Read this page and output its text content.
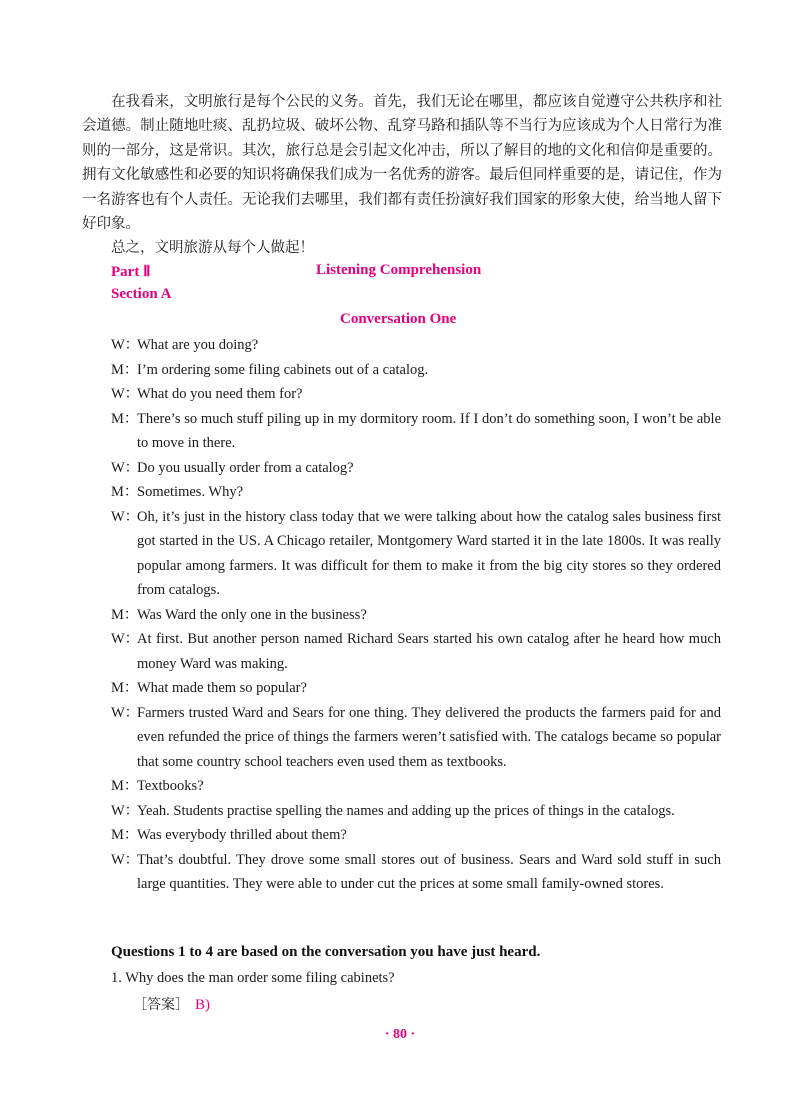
在我看来，文明旅行是每个公民的义务。首先，我们无论在哪里，都应该自觉遵守公共秩序和社会道德。制止随地吐痰、乱扔垃圾、破坏公物、乱穿马路和插队等不当行为应该成为个人日常行为准则的一部分，这是常识。其次，旅行总是会引起文化冲击，所以了解目的地的文化和信仰是重要的。拥有文化敏感性和必要的知识将确保我们成为一名优秀的游客。最后但同样重要的是，请记住，作为一名游客也有个人责任。无论我们去哪里，我们都有责任扮演好我们国家的形象大使，给当地人留下好印象。

总之，文明旅游从每个人做起！

Part Ⅱ	Listening Comprehension
Section A
Conversation One
W：What are you doing?
M：I’m ordering some filing cabinets out of a catalog.
W：What do you need them for?
M：There’s so much stuff piling up in my dormitory room. If I don’t do something soon, I won’t be able to move in there.
W：Do you usually order from a catalog?
M：Sometimes. Why?
W：Oh, it’s just in the history class today that we were talking about how the catalog sales business first got started in the US. A Chicago retailer, Montgomery Ward started it in the late 1800s. It was really popular among farmers. It was difficult for them to make it from the big city stores so they ordered from catalogs.
M：Was Ward the only one in the business?
W：At first. But another person named Richard Sears started his own catalog after he heard how much money Ward was making.
M：What made them so popular?
W：Farmers trusted Ward and Sears for one thing. They delivered the products the farmers paid for and even refunded the price of things the farmers weren’t satisfied with. The catalogs became so popular that some country school teachers even used them as textbooks.
M：Textbooks?
W：Yeah. Students practise spelling the names and adding up the prices of things in the catalogs.
M：Was everybody thrilled about them?
W：That’s doubtful. They drove some small stores out of business. Sears and Ward sold stuff in such large quantities. They were able to under cut the prices at some small family-owned stores.
Questions 1 to 4 are based on the conversation you have just heard.
1. Why does the man order some filing cabinets?
［答案］ B)
· 80 ·
